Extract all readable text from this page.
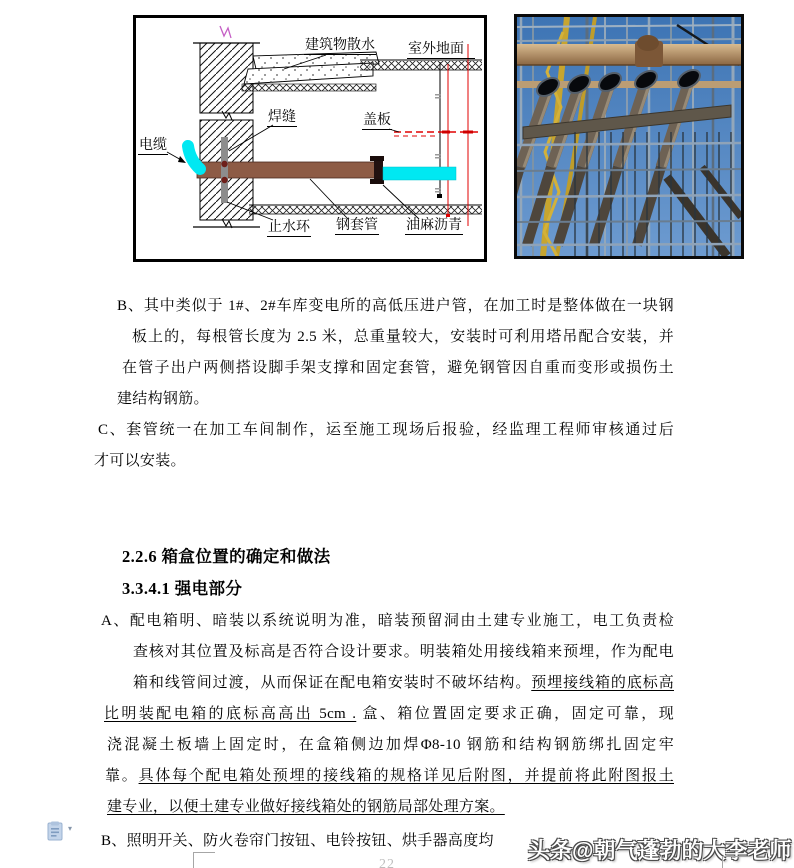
建筑物散水 室外地面
焊缝	盖板
电缆
止水环 钢套管 油麻沥青
B、其中类似于 1#、2#车库变电所的高低压进户管，在加工时是整体做在一块钢
板上的，每根管长度为 2.5 米，总重量较大，安装时可利用塔吊配合安装，并
在管子出户两侧搭设脚手架支撑和固定套管，避免钢管因自重而变形或损伤土
建结构钢筋。
C、套管统一在加工车间制作，运至施工现场后报验，经监理工程师审核通过后
才可以安装。
2.2.6 箱盒位置的确定和做法
3.3.4.1 强电部分
A、配电箱明、暗装以系统说明为准，暗装预留洞由土建专业施工，电工负责检
查核对其位置及标高是否符合设计要求。明装箱处用接线箱来预埋，作为配电
箱和线管间过渡，从而保证在配电箱安装时不破坏结构。预埋接线箱的底标高
比明装配电箱的底标高高出 5cm . 盒、箱位置固定要求正确，固定可靠，现
浇混凝土板墙上固定时，在盒箱侧边加焊Φ8-10 钢筋和结构钢筋绑扎固定牢
靠。具体每个配电箱处预埋的接线箱的规格详见后附图，并提前将此附图报土
建专业，以便土建专业做好接线箱处的钢筋局部处理方案。
B、照明开关、防火卷帘门按钮、电铃按钮、烘手器高度均
▾
头条@朝气蓬勃的大李老师
22
